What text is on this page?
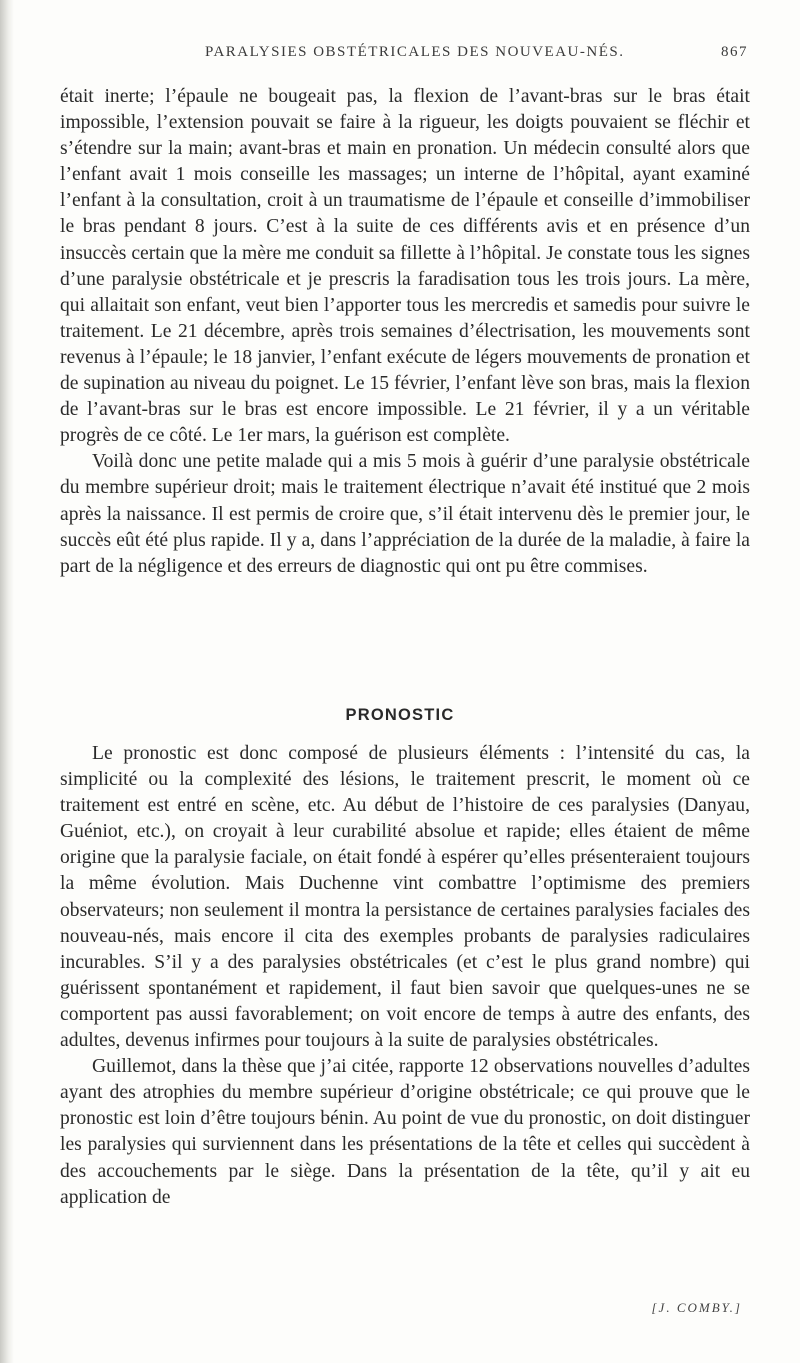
PARALYSIES OBSTÉTRICALES DES NOUVEAU-NÉS.	867

était inerte; l’épaule ne bougeait pas, la flexion de l’avant-bras sur le bras était impossible, l’extension pouvait se faire à la rigueur, les doigts pouvaient se fléchir et s’étendre sur la main; avant-bras et main en pronation. Un médecin consulté alors que l’enfant avait 1 mois conseille les massages; un interne de l’hôpital, ayant examiné l’enfant à la consultation, croit à un traumatisme de l’épaule et conseille d’immobiliser le bras pendant 8 jours. C’est à la suite de ces différents avis et en présence d’un insuccès certain que la mère me conduit sa fillette à l’hôpital. Je constate tous les signes d’une paralysie obstétricale et je prescris la faradisation tous les trois jours. La mère, qui allaitait son enfant, veut bien l’apporter tous les mercredis et samedis pour suivre le traitement. Le 21 décembre, après trois semaines d’électrisation, les mouvements sont revenus à l’épaule; le 18 janvier, l’enfant exécute de légers mouvements de pronation et de supination au niveau du poignet. Le 15 février, l’enfant lève son bras, mais la flexion de l’avant-bras sur le bras est encore impossible. Le 21 février, il y a un véritable progrès de ce côté. Le 1er mars, la guérison est complète.

Voilà donc une petite malade qui a mis 5 mois à guérir d’une paralysie obstétricale du membre supérieur droit; mais le traitement électrique n’avait été institué que 2 mois après la naissance. Il est permis de croire que, s’il était intervenu dès le premier jour, le succès eût été plus rapide. Il y a, dans l’appréciation de la durée de la maladie, à faire la part de la négligence et des erreurs de diagnostic qui ont pu être commises.

PRONOSTIC

Le pronostic est donc composé de plusieurs éléments : l’intensité du cas, la simplicité ou la complexité des lésions, le traitement prescrit, le moment où ce traitement est entré en scène, etc. Au début de l’histoire de ces paralysies (Danyau, Guéniot, etc.), on croyait à leur curabilité absolue et rapide; elles étaient de même origine que la paralysie faciale, on était fondé à espérer qu’elles présenteraient toujours la même évolution. Mais Duchenne vint combattre l’optimisme des premiers observateurs; non seulement il montra la persistance de certaines paralysies faciales des nouveau-nés, mais encore il cita des exemples probants de paralysies radiculaires incurables. S’il y a des paralysies obstétricales (et c’est le plus grand nombre) qui guérissent spontanément et rapidement, il faut bien savoir que quelques-unes ne se comportent pas aussi favorablement; on voit encore de temps à autre des enfants, des adultes, devenus infirmes pour toujours à la suite de paralysies obstétricales.

Guillemot, dans la thèse que j’ai citée, rapporte 12 observations nouvelles d’adultes ayant des atrophies du membre supérieur d’origine obstétricale; ce qui prouve que le pronostic est loin d’être toujours bénin. Au point de vue du pronostic, on doit distinguer les paralysies qui surviennent dans les présentations de la tête et celles qui succèdent à des accouchements par le siège. Dans la présentation de la tête, qu’il y ait eu application de

[J. COMBY.]
